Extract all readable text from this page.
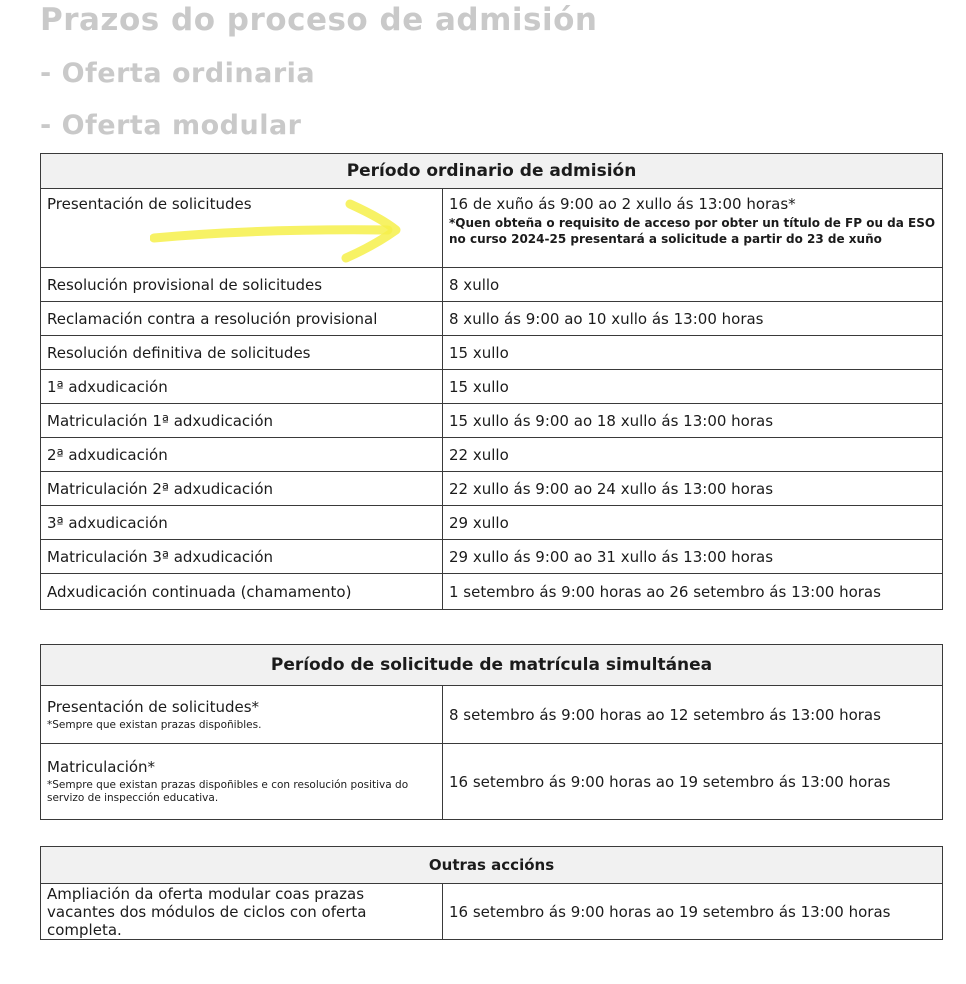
Prazos do proceso de admisión
- Oferta ordinaria
- Oferta modular
Período ordinario de admisión	
Presentación de solicitudes	16 de xuño ás 9:00 ao 2 xullo ás 13:00 horas*
*Quen obteña o requisito de acceso por obter un título de FP ou da ESO no curso 2024-25 presentará a solicitude a partir do 23 de xuño

Resolución provisional de solicitudes	8 xullo
Reclamación contra a resolución provisional	8 xullo ás 9:00 ao 10 xullo ás 13:00 horas
Resolución definitiva de solicitudes	15 xullo
1ª adxudicación	15 xullo
Matriculación 1ª adxudicación	15 xullo ás 9:00 ao 18 xullo ás 13:00 horas
2ª adxudicación	22 xullo
Matriculación 2ª adxudicación	22 xullo ás 9:00 ao 24 xullo ás 13:00 horas
3ª adxudicación	29 xullo
Matriculación 3ª adxudicación	29 xullo ás 9:00 ao 31 xullo ás 13:00 horas
Adxudicación continuada (chamamento)	1 setembro ás 9:00 horas ao 26 setembro ás 13:00 horas
Período de solicitude de matrícula simultánea	

Presentación de solicitudes*
*Sempre que existan prazas dispoñibles.	8 setembro ás 9:00 horas ao 12 setembro ás 13:00 horas

Matriculación*
*Sempre que existan prazas dispoñibles e con resolución positiva do servizo de inspección educativa.	16 setembro ás 9:00 horas ao 19 setembro ás 13:00 horas
Outras accións
Ampliación da oferta modular coas prazas vacantes dos módulos de ciclos con oferta completa.	16 setembro ás 9:00 horas ao 19 setembro ás 13:00 horas
